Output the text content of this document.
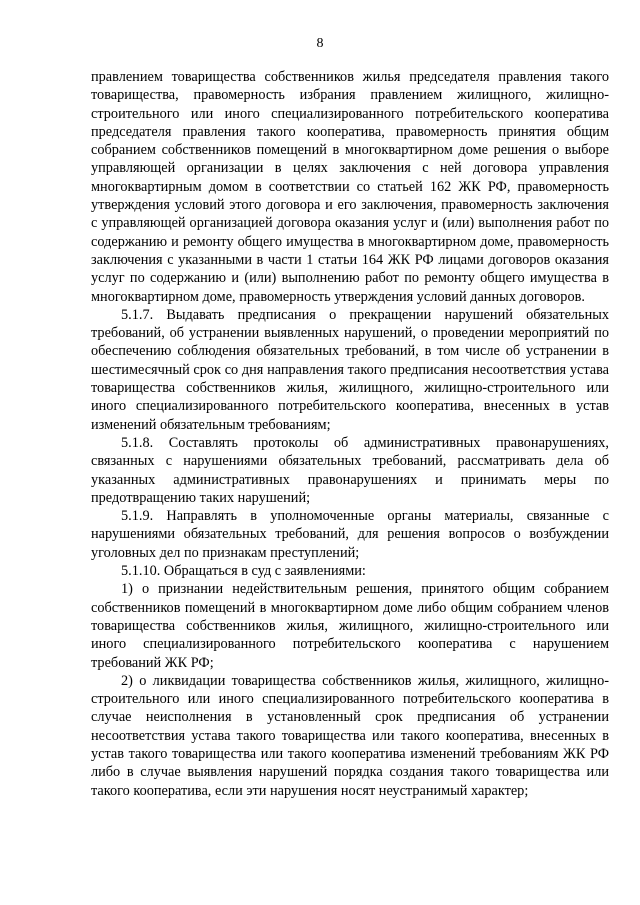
8

правлением товарищества собственников жилья председателя правления такого товарищества, правомерность избрания правлением жилищного, жилищно-строительного или иного специализированного потребительского кооператива председателя правления такого кооператива, правомерность принятия общим собранием собственников помещений в многоквартирном доме решения о выборе управляющей организации в целях заключения с ней договора управления многоквартирным домом в соответствии со статьей 162 ЖК РФ, правомерность утверждения условий этого договора и его заключения, правомерность заключения с управляющей организацией договора оказания услуг и (или) выполнения работ по содержанию и ремонту общего имущества в многоквартирном доме, правомерность заключения с указанными в части 1 статьи 164 ЖК РФ лицами договоров оказания услуг по содержанию и (или) выполнению работ по ремонту общего имущества в многоквартирном доме, правомерность утверждения условий данных договоров.

5.1.7. Выдавать предписания о прекращении нарушений обязательных требований, об устранении выявленных нарушений, о проведении мероприятий по обеспечению соблюдения обязательных требований, в том числе об устранении в шестимесячный срок со дня направления такого предписания несоответствия устава товарищества собственников жилья, жилищного, жилищно-строительного или иного специализированного потребительского кооператива, внесенных в устав изменений обязательным требованиям;

5.1.8. Составлять протоколы об административных правонарушениях, связанных с нарушениями обязательных требований, рассматривать дела об указанных административных правонарушениях и принимать меры по предотвращению таких нарушений;

5.1.9. Направлять в уполномоченные органы материалы, связанные с нарушениями обязательных требований, для решения вопросов о возбуждении уголовных дел по признакам преступлений;

5.1.10. Обращаться в суд с заявлениями:

1) о признании недействительным решения, принятого общим собранием собственников помещений в многоквартирном доме либо общим собранием членов товарищества собственников жилья, жилищного, жилищно-строительного или иного специализированного потребительского кооператива с нарушением требований ЖК РФ;

2) о ликвидации товарищества собственников жилья, жилищного, жилищно-строительного или иного специализированного потребительского кооператива в случае неисполнения в установленный срок предписания об устранении несоответствия устава такого товарищества или такого кооператива, внесенных в устав такого товарищества или такого кооператива изменений требованиям ЖК РФ либо в случае выявления нарушений порядка создания такого товарищества или такого кооператива, если эти нарушения носят неустранимый характер;
